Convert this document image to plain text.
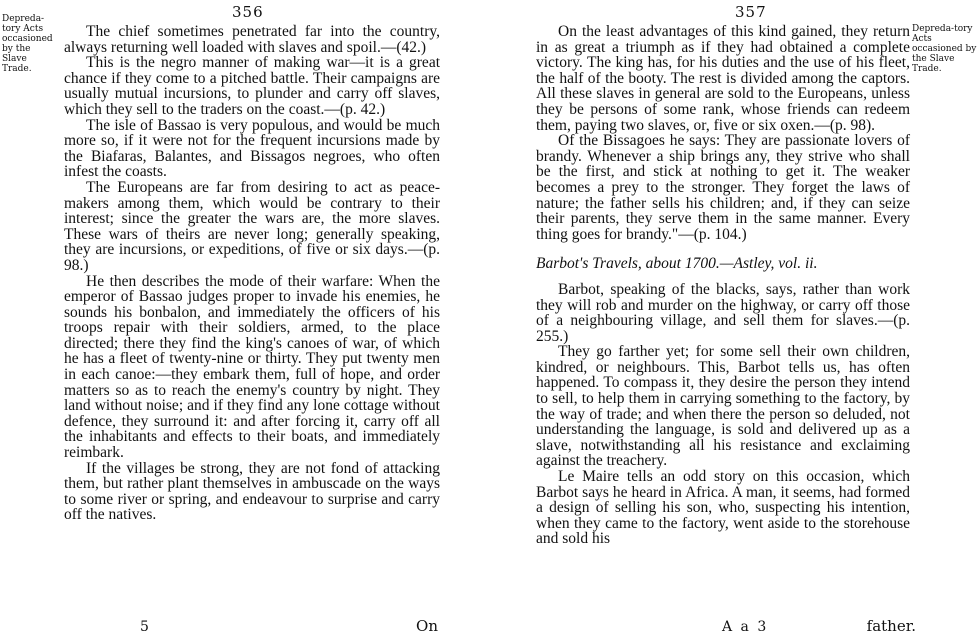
356
Depreda-tory Acts occasioned by the Slave Trade.

The chief sometimes penetrated far into the country, always returning well loaded with slaves and spoil.—(42.)

This is the negro manner of making war—it is a great chance if they come to a pitched battle. Their campaigns are usually mutual incursions, to plunder and carry off slaves, which they sell to the traders on the coast.—(p. 42.)

The isle of Bassao is very populous, and would be much more so, if it were not for the frequent incursions made by the Biafaras, Balantes, and Bissagos negroes, who often infest the coasts.

The Europeans are far from desiring to act as peace-makers among them, which would be contrary to their interest; since the greater the wars are, the more slaves. These wars of theirs are never long; generally speaking, they are incursions, or expeditions, of five or six days.—(p. 98.)

He then describes the mode of their warfare: When the emperor of Bassao judges proper to invade his enemies, he sounds his bonbalon, and immediately the officers of his troops repair with their soldiers, armed, to the place directed; there they find the king's canoes of war, of which he has a fleet of twenty-nine or thirty. They put twenty men in each canoe:—they embark them, full of hope, and order matters so as to reach the enemy's country by night. They land without noise; and if they find any lone cottage without defence, they surround it: and after forcing it, carry off all the inhabitants and effects to their boats, and immediately reimbark.

If the villages be strong, they are not fond of attacking them, but rather plant themselves in ambuscade on the ways to some river or spring, and endeavour to surprise and carry off the natives.

5	On
357
Depreda-tory Acts occasioned by the Slave Trade.

On the least advantages of this kind gained, they return in as great a triumph as if they had obtained a complete victory. The king has, for his duties and the use of his fleet, the half of the booty. The rest is divided among the captors. All these slaves in general are sold to the Europeans, unless they be persons of some rank, whose friends can redeem them, paying two slaves, or, five or six oxen.—(p. 98).

Of the Bissagoes he says: They are passionate lovers of brandy. Whenever a ship brings any, they strive who shall be the first, and stick at nothing to get it. The weaker becomes a prey to the stronger. They forget the laws of nature; the father sells his children; and, if they can seize their parents, they serve them in the same manner. Every thing goes for brandy."—(p. 104.)

Barbot's Travels, about 1700.—Astley, vol. ii.

Barbot, speaking of the blacks, says, rather than work they will rob and murder on the highway, or carry off those of a neighbouring village, and sell them for slaves.—(p. 255.)

They go farther yet; for some sell their own children, kindred, or neighbours. This, Barbot tells us, has often happened. To compass it, they desire the person they intend to sell, to help them in carrying something to the factory, by the way of trade; and when there the person so deluded, not understanding the language, is sold and delivered up as a slave, notwithstanding all his resistance and exclaiming against the treachery.

Le Maire tells an odd story on this occasion, which Barbot says he heard in Africa. A man, it seems, had formed a design of selling his son, who, suspecting his intention, when they came to the factory, went aside to the storehouse and sold his

A a 3	father.
